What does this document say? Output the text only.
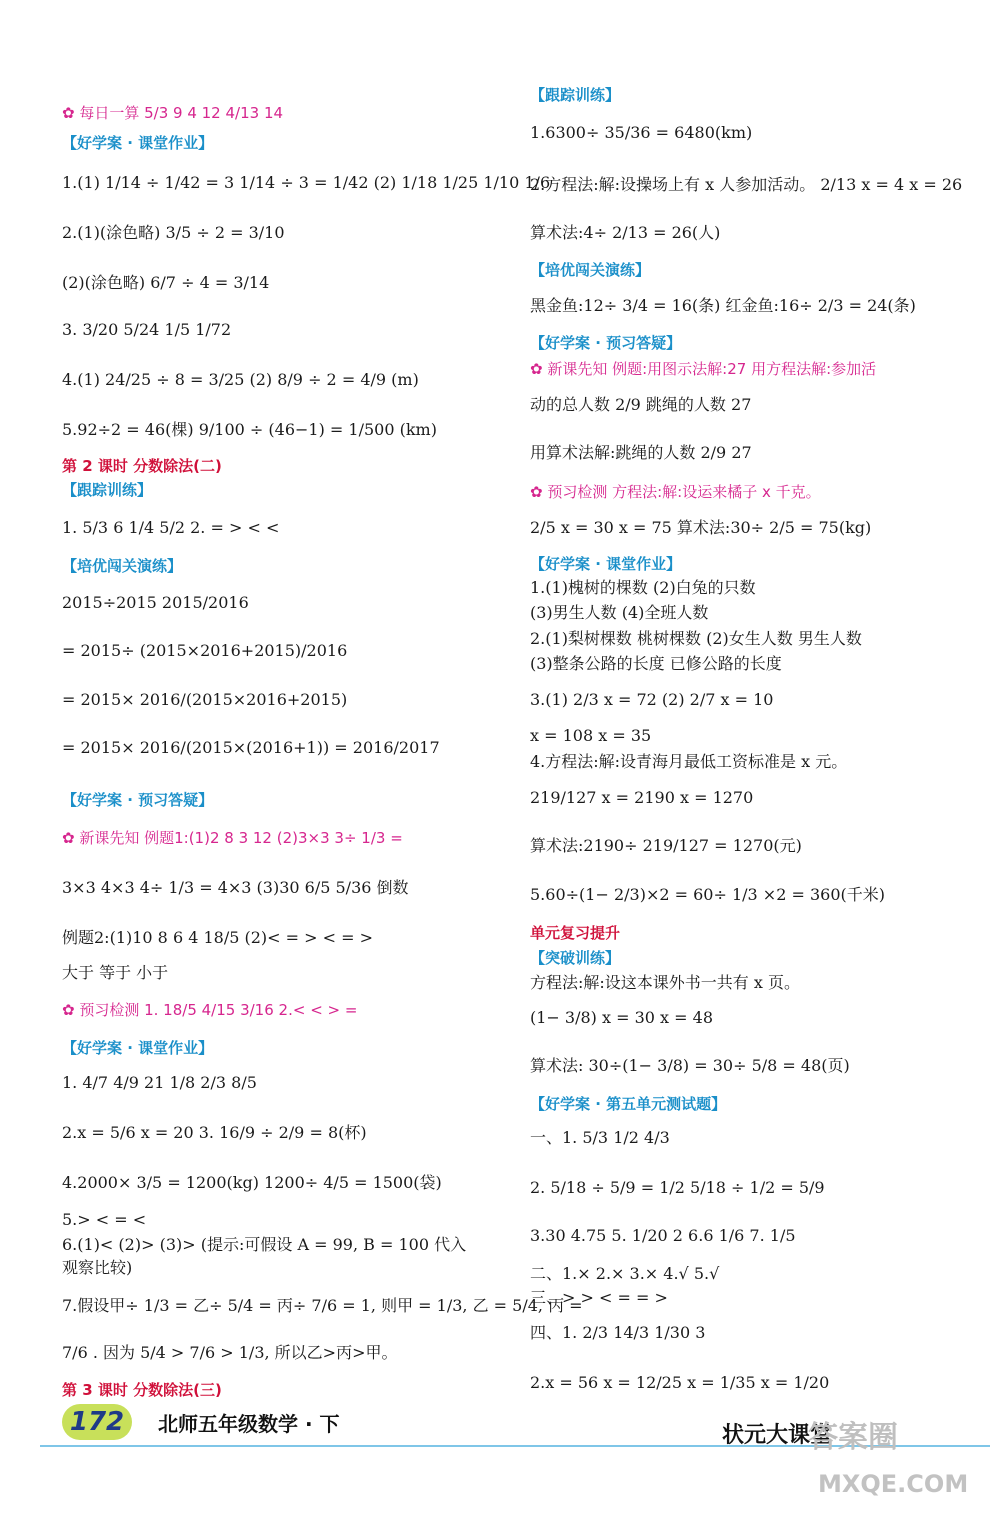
✿ 每日一算 5/3 9 4 12 4/13 14
【好学案 · 课堂作业】
1.(1) 1/14 ÷ 1/42 = 3 1/14 ÷ 3 = 1/42 (2) 1/18 1/25 1/10 1/6
2.(1)(涂色略) 3/5 ÷ 2 = 3/10
(2)(涂色略) 6/7 ÷ 4 = 3/14
3. 3/20 5/24 1/5 1/72
4.(1) 24/25 ÷ 8 = 3/25 (2) 8/9 ÷ 2 = 4/9 (m)
5.92÷2 = 46(棵) 9/100 ÷ (46−1) = 1/500 (km)
第 2 课时 分数除法(二)
【跟踪训练】
1. 5/3 6 1/4 5/2 2. = > < <
【培优闯关演练】
2015÷2015 2015/2016
= 2015÷ (2015×2016+2015)/2016
= 2015× 2016/(2015×2016+2015)
= 2015× 2016/(2015×(2016+1)) = 2016/2017
【好学案 · 预习答疑】
✿ 新课先知 例题1:(1)2 8 3 12 (2)3×3 3÷ 1/3 =
3×3 4×3 4÷ 1/3 = 4×3 (3)30 6/5 5/36 倒数
例题2:(1)10 8 6 4 18/5 (2)< = > < = >
大于 等于 小于
✿ 预习检测 1. 18/5 4/15 3/16 2.< < > =
【好学案 · 课堂作业】
1. 4/7 4/9 21 1/8 2/3 8/5
2.x = 5/6 x = 20 3. 16/9 ÷ 2/9 = 8(杯)
4.2000× 3/5 = 1200(kg) 1200÷ 4/5 = 1500(袋)
5.> < = <
6.(1)< (2)> (3)> (提示:可假设 A = 99, B = 100 代入
观察比较)
7.假设甲÷ 1/3 = 乙÷ 5/4 = 丙÷ 7/6 = 1, 则甲 = 1/3, 乙 = 5/4, 丙 =
7/6 . 因为 5/4 > 7/6 > 1/3, 所以乙>丙>甲。
第 3 课时 分数除法(三)
【跟踪训练】
1.6300÷ 35/36 = 6480(km)
2.方程法:解:设操场上有 x 人参加活动。 2/13 x = 4 x = 26
算术法:4÷ 2/13 = 26(人)
【培优闯关演练】
黑金鱼:12÷ 3/4 = 16(条) 红金鱼:16÷ 2/3 = 24(条)
【好学案 · 预习答疑】
✿ 新课先知 例题:用图示法解:27 用方程法解:参加活
动的总人数 2/9 跳绳的人数 27
用算术法解:跳绳的人数 2/9 27
✿ 预习检测 方程法:解:设运来橘子 x 千克。
2/5 x = 30 x = 75 算术法:30÷ 2/5 = 75(kg)
【好学案 · 课堂作业】
1.(1)槐树的棵数 (2)白兔的只数
(3)男生人数 (4)全班人数
2.(1)梨树棵数 桃树棵数 (2)女生人数 男生人数
(3)整条公路的长度 已修公路的长度
3.(1) 2/3 x = 72 (2) 2/7 x = 10
x = 108 x = 35
4.方程法:解:设青海月最低工资标准是 x 元。
219/127 x = 2190 x = 1270
算术法:2190÷ 219/127 = 1270(元)
5.60÷(1− 2/3)×2 = 60÷ 1/3 ×2 = 360(千米)
单元复习提升
【突破训练】
方程法:解:设这本课外书一共有 x 页。
(1− 3/8) x = 30 x = 48
算术法: 30÷(1− 3/8) = 30÷ 5/8 = 48(页)
【好学案 · 第五单元测试题】
一、1. 5/3 1/2 4/3
2. 5/18 ÷ 5/9 = 1/2 5/18 ÷ 1/2 = 5/9
3.30 4.75 5. 1/20 2 6.6 1/6 7. 1/5
二、1.× 2.× 3.× 4.√ 5.√
三、> > < = = >
四、1. 2/3 14/3 1/30 3
2.x = 56 x = 12/25 x = 1/35 x = 1/20
172	北师五年级数学 · 下	状元大课堂
答案圈
MXQE.COM
